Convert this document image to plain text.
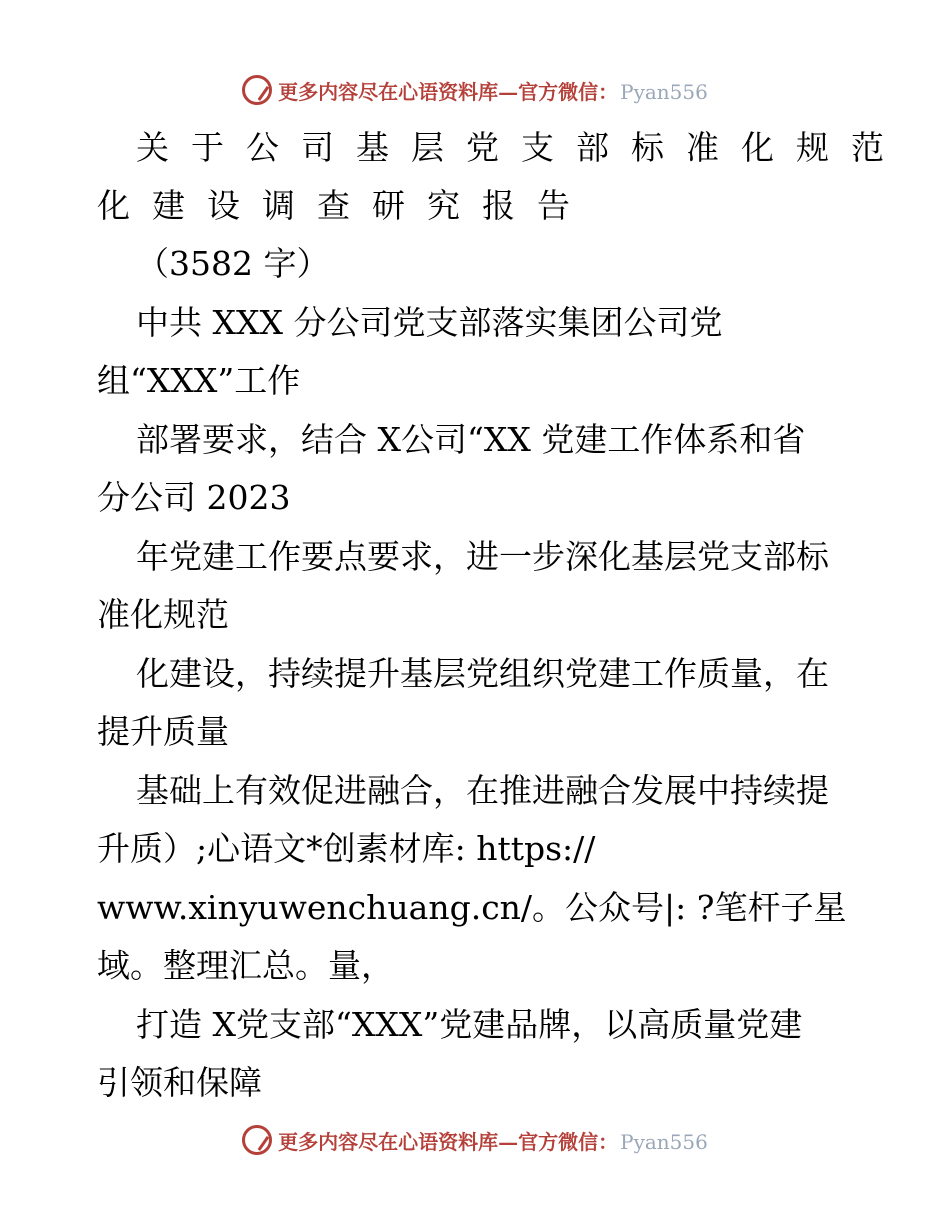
更多内容尽在心语资料库—官方微信： Pyan556
关于公司基层党支部标准化规范
化建设调查研究报告
（3582 字）
中共 XXX 分公司党支部落实集团公司党
组“XXX”工作
部署要求，结合 X公司“XX 党建工作体系和省
分公司 2023
年党建工作要点要求，进一步深化基层党支部标
准化规范
化建设，持续提升基层党组织党建工作质量，在
提升质量
基础上有效促进融合，在推进融合发展中持续提
升质）;心语文*创素材库: https://
www.xinyuwenchuang.cn/。公众号|: ?笔杆子星
域。整理汇总。量，
打造 X党支部“XXX”党建品牌，以高质量党建
引领和保障
更多内容尽在心语资料库—官方微信： Pyan556
